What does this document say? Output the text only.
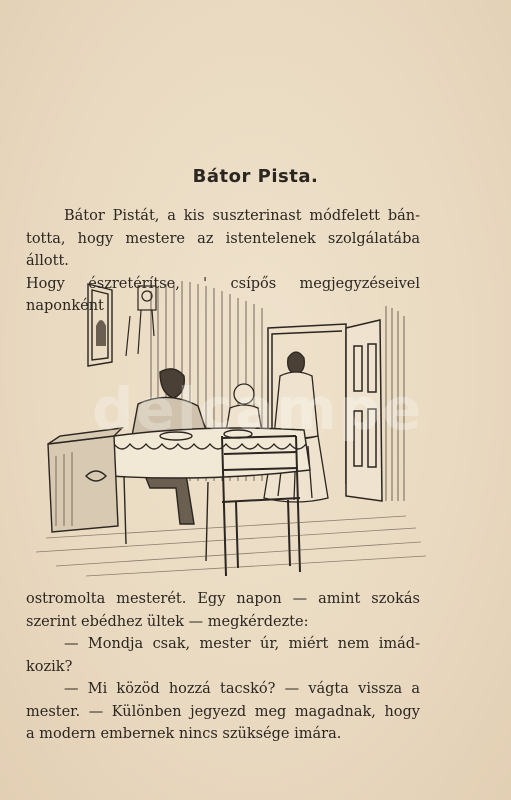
Bátor Pista.
Bátor Pistát, a kis suszterinast módfelett bán-
totta, hogy mestere az istentelenek szolgálatába állott.
Hogy észretérítse, ' csípős megjegyzéseivel naponként
delcampe
ostromolta mesterét. Egy napon — amint szokás
szerint ebédhez ültek — megkérdezte:
— Mondja csak, mester úr, miért nem imád-
kozik?
— Mi közöd hozzá tacskó? — vágta vissza a
mester. — Különben jegyezd meg magadnak, hogy
a modern embernek nincs szüksége imára.
